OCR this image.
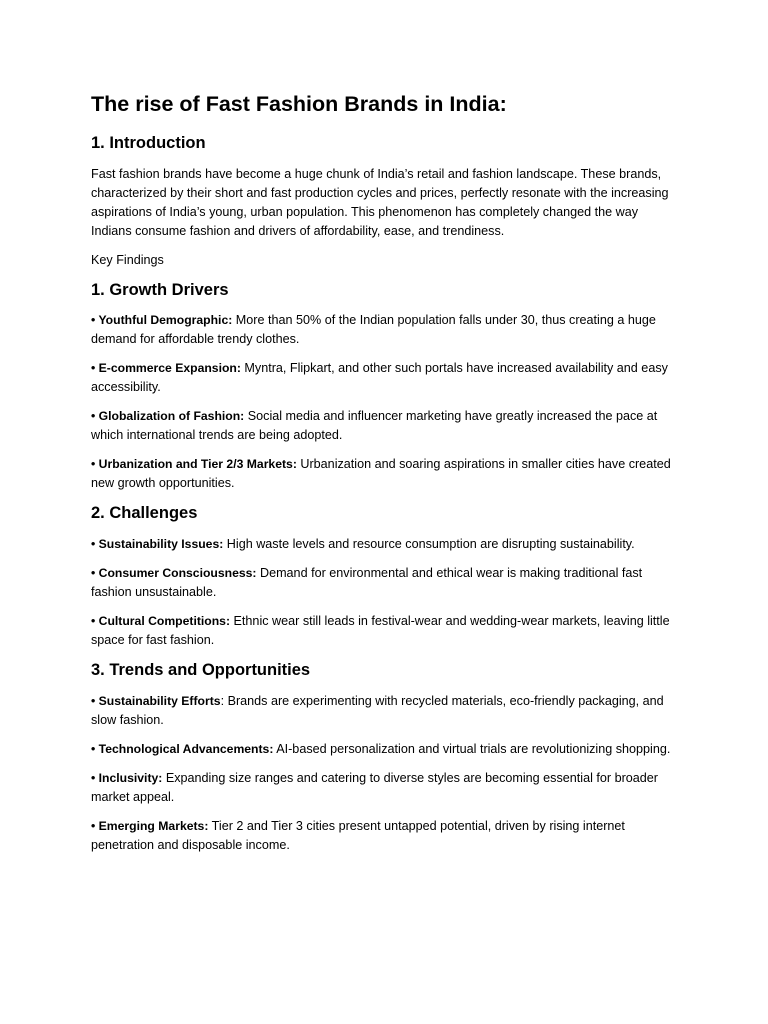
The rise of Fast Fashion Brands in India:
1. Introduction

Fast fashion brands have become a huge chunk of India’s retail and fashion landscape. These brands, characterized by their short and fast production cycles and prices, perfectly resonate with the increasing aspirations of India’s young, urban population. This phenomenon has completely changed the way Indians consume fashion and drivers of affordability, ease, and trendiness.

Key Findings

1. Growth Drivers

• Youthful Demographic: More than 50% of the Indian population falls under 30, thus creating a huge demand for affordable trendy clothes.

• E-commerce Expansion: Myntra, Flipkart, and other such portals have increased availability and easy accessibility.

• Globalization of Fashion: Social media and influencer marketing have greatly increased the pace at which international trends are being adopted.

• Urbanization and Tier 2/3 Markets: Urbanization and soaring aspirations in smaller cities have created new growth opportunities.

2. Challenges

• Sustainability Issues: High waste levels and resource consumption are disrupting sustainability.

• Consumer Consciousness: Demand for environmental and ethical wear is making traditional fast fashion unsustainable.

• Cultural Competitions: Ethnic wear still leads in festival-wear and wedding-wear markets, leaving little space for fast fashion.

3. Trends and Opportunities

• Sustainability Efforts: Brands are experimenting with recycled materials, eco-friendly packaging, and slow fashion.

• Technological Advancements: AI-based personalization and virtual trials are revolutionizing shopping.

• Inclusivity: Expanding size ranges and catering to diverse styles are becoming essential for broader market appeal.

• Emerging Markets: Tier 2 and Tier 3 cities present untapped potential, driven by rising internet penetration and disposable income.
